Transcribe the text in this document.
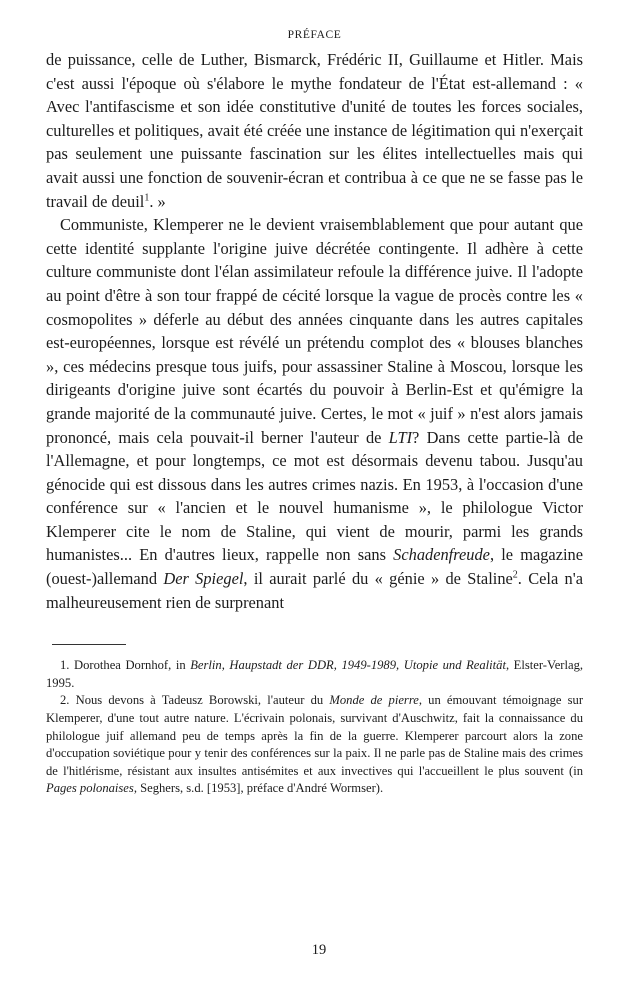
PRÉFACE

de puissance, celle de Luther, Bismarck, Frédéric II, Guillaume et Hitler. Mais c'est aussi l'époque où s'élabore le mythe fondateur de l'État est-allemand : « Avec l'antifascisme et son idée constitutive d'unité de toutes les forces sociales, culturelles et politiques, avait été créée une instance de légitimation qui n'exerçait pas seulement une puissante fascination sur les élites intellectuelles mais qui avait aussi une fonction de souvenir-écran et contribua à ce que ne se fasse pas le travail de deuil$^1$. »

Communiste, Klemperer ne le devient vraisemblablement que pour autant que cette identité supplante l'origine juive décrétée contingente. Il adhère à cette culture communiste dont l'élan assimilateur refoule la différence juive. Il l'adopte au point d'être à son tour frappé de cécité lorsque la vague de procès contre les « cosmopolites » déferle au début des années cinquante dans les autres capitales est-européennes, lorsque est révélé un prétendu complot des « blouses blanches », ces médecins presque tous juifs, pour assassiner Staline à Moscou, lorsque les dirigeants d'origine juive sont écartés du pouvoir à Berlin-Est et qu'émigre la grande majorité de la communauté juive. Certes, le mot « juif » n'est alors jamais prononcé, mais cela pouvait-il berner l'auteur de LTI? Dans cette partie-là de l'Allemagne, et pour longtemps, ce mot est désormais devenu tabou. Jusqu'au génocide qui est dissous dans les autres crimes nazis. En 1953, à l'occasion d'une conférence sur « l'ancien et le nouvel humanisme », le philologue Victor Klemperer cite le nom de Staline, qui vient de mourir, parmi les grands humanistes... En d'autres lieux, rappelle non sans Schadenfreude, le magazine (ouest-)allemand Der Spiegel, il aurait parlé du « génie » de Staline$^2$. Cela n'a malheureusement rien de surprenant

1. Dorothea Dornhof, in Berlin, Haupstadt der DDR, 1949-1989, Utopie und Realität, Elster-Verlag, 1995.

2. Nous devons à Tadeusz Borowski, l'auteur du Monde de pierre, un émouvant témoignage sur Klemperer, d'une tout autre nature. L'écrivain polonais, survivant d'Auschwitz, fait la connaissance du philologue juif allemand peu de temps après la fin de la guerre. Klemperer parcourt alors la zone d'occupation soviétique pour y tenir des conférences sur la paix. Il ne parle pas de Staline mais des crimes de l'hitlérisme, résistant aux insultes antisémites et aux invectives qui l'accueillent le plus souvent (in Pages polonaises, Seghers, s.d. [1953], préface d'André Wormser).

19
